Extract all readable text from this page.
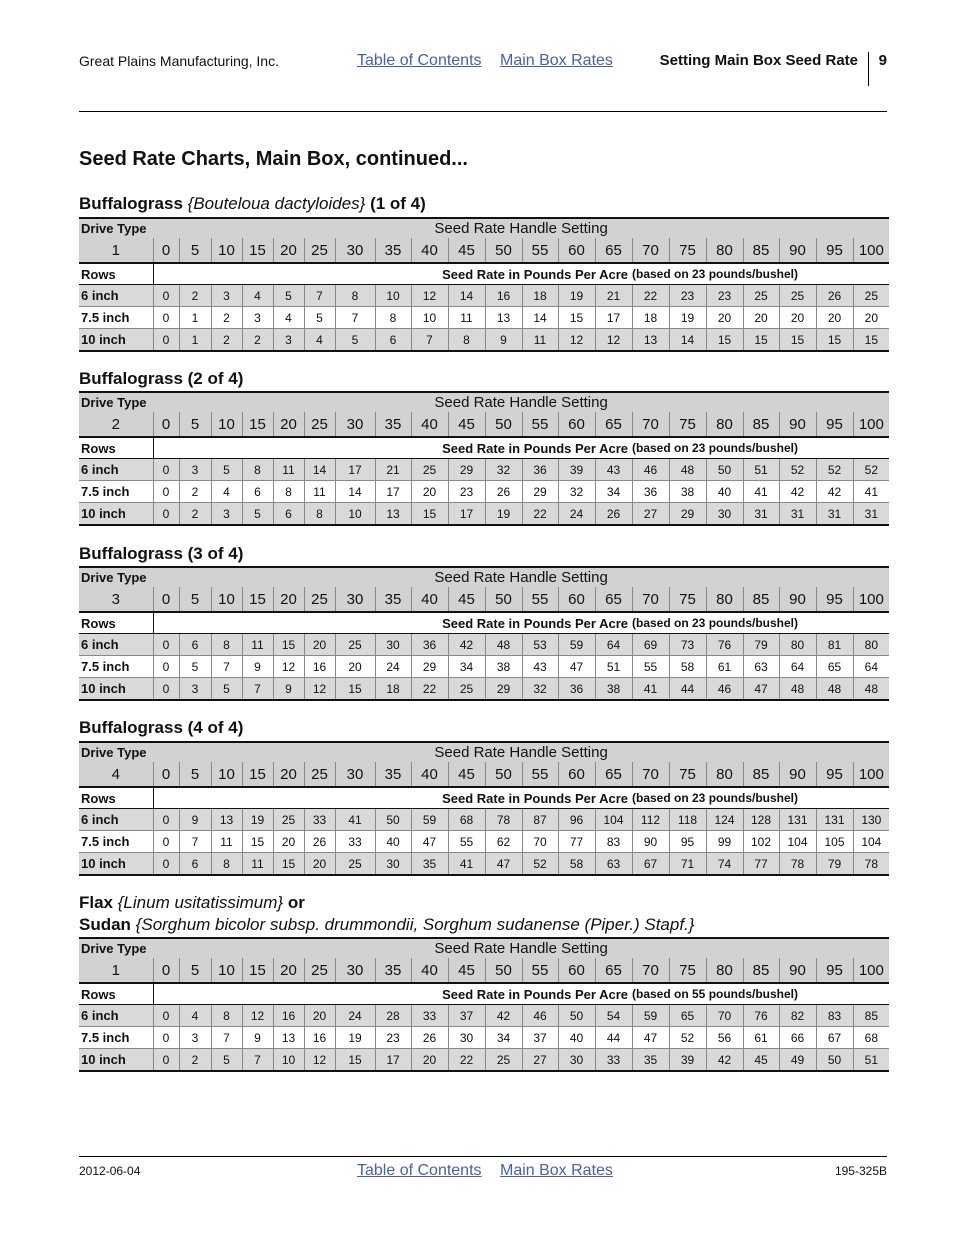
Great Plains Manufacturing, Inc.	Table of Contents Main Box Rates	Setting Main Box Seed Rate 9
Seed Rate Charts, Main Box, continued...
Buffalograss {Bouteloua dactyloides} (1 of 4)
Drive Type	Seed Rate Handle Setting																				
1	0	5	10	15	20	25	30	35	40	45	50	55	60	65	70	75	80	85	90	95	100
Rows	Seed Rate in Pounds Per Acre														(based on 23 pounds/bushel)						
6 inch	0	2	3	4	5	7	8	10	12	14	16	18	19	21	22	23	23	25	25	26	25
7.5 inch	0	1	2	3	4	5	7	8	10	11	13	14	15	17	18	19	20	20	20	20	20
10 inch	0	1	2	2	3	4	5	6	7	8	9	11	12	12	13	14	15	15	15	15	15
Buffalograss (2 of 4)
Drive Type	Seed Rate Handle Setting																				
2	0	5	10	15	20	25	30	35	40	45	50	55	60	65	70	75	80	85	90	95	100
Rows	Seed Rate in Pounds Per Acre														(based on 23 pounds/bushel)						
6 inch	0	3	5	8	11	14	17	21	25	29	32	36	39	43	46	48	50	51	52	52	52
7.5 inch	0	2	4	6	8	11	14	17	20	23	26	29	32	34	36	38	40	41	42	42	41
10 inch	0	2	3	5	6	8	10	13	15	17	19	22	24	26	27	29	30	31	31	31	31
Buffalograss (3 of 4)
Drive Type	Seed Rate Handle Setting																				
3	0	5	10	15	20	25	30	35	40	45	50	55	60	65	70	75	80	85	90	95	100
Rows	Seed Rate in Pounds Per Acre														(based on 23 pounds/bushel)						
6 inch	0	6	8	11	15	20	25	30	36	42	48	53	59	64	69	73	76	79	80	81	80
7.5 inch	0	5	7	9	12	16	20	24	29	34	38	43	47	51	55	58	61	63	64	65	64
10 inch	0	3	5	7	9	12	15	18	22	25	29	32	36	38	41	44	46	47	48	48	48
Buffalograss (4 of 4)
Drive Type	Seed Rate Handle Setting																				
4	0	5	10	15	20	25	30	35	40	45	50	55	60	65	70	75	80	85	90	95	100
Rows	Seed Rate in Pounds Per Acre														(based on 23 pounds/bushel)						
6 inch	0	9	13	19	25	33	41	50	59	68	78	87	96	104	112	118	124	128	131	131	130
7.5 inch	0	7	11	15	20	26	33	40	47	55	62	70	77	83	90	95	99	102	104	105	104
10 inch	0	6	8	11	15	20	25	30	35	41	47	52	58	63	67	71	74	77	78	79	78
Flax {Linum usitatissimum} or
Sudan {Sorghum bicolor subsp. drummondii, Sorghum sudanense (Piper.) Stapf.}
Drive Type	Seed Rate Handle Setting																				
1	0	5	10	15	20	25	30	35	40	45	50	55	60	65	70	75	80	85	90	95	100
Rows	Seed Rate in Pounds Per Acre														(based on 55 pounds/bushel)						
6 inch	0	4	8	12	16	20	24	28	33	37	42	46	50	54	59	65	70	76	82	83	85
7.5 inch	0	3	7	9	13	16	19	23	26	30	34	37	40	44	47	52	56	61	66	67	68
10 inch	0	2	5	7	10	12	15	17	20	22	25	27	30	33	35	39	42	45	49	50	51
2012-06-04	Table of Contents Main Box Rates	195-325B
